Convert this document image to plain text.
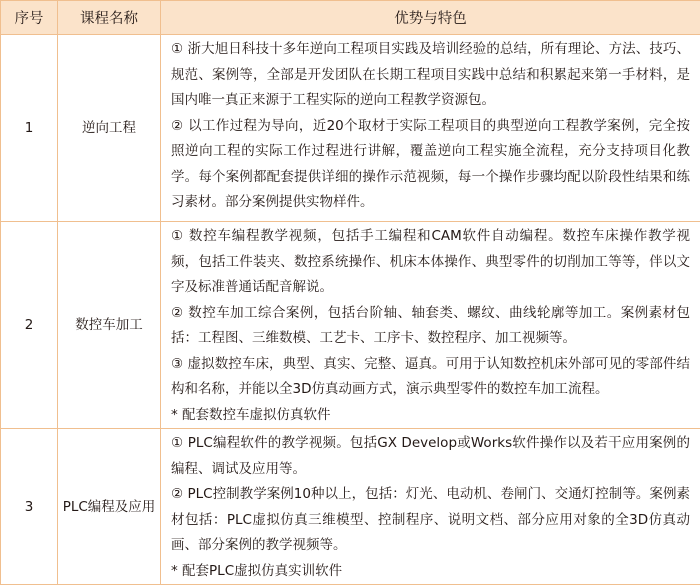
序号	课程名称	优势与特色
1	逆向工程	① 浙大旭日科技十多年逆向工程项目实践及培训经验的总结，所有理论、方法、技巧、规范、案例等，全部是开发团队在长期工程项目实践中总结和积累起来第一手材料，是国内唯一真正来源于工程实际的逆向工程教学资源包。

② 以工作过程为导向，近20个取材于实际工程项目的典型逆向工程教学案例，完全按照逆向工程的实际工作过程进行讲解，覆盖逆向工程实施全流程，充分支持项目化教学。每个案例都配套提供详细的操作示范视频，每一个操作步骤均配以阶段性结果和练习素材。部分案例提供实物样件。

2	数控车加工	① 数控车编程教学视频，包括手工编程和CAM软件自动编程。数控车床操作教学视频，包括工件装夹、数控系统操作、机床本体操作、典型零件的切削加工等等，伴以文字及标准普通话配音解说。

② 数控车加工综合案例，包括台阶轴、轴套类、螺纹、曲线轮廓等加工。案例素材包括：工程图、三维数模、工艺卡、工序卡、数控程序、加工视频等。

③ 虚拟数控车床，典型、真实、完整、逼真。可用于认知数控机床外部可见的零部件结构和名称，并能以全3D仿真动画方式，演示典型零件的数控车加工流程。

* 配套数控车虚拟仿真软件

3	PLC编程及应用	① PLC编程软件的教学视频。包括GX Develop或Works软件操作以及若干应用案例的编程、调试及应用等。

② PLC控制教学案例10种以上，包括：灯光、电动机、卷闸门、交通灯控制等。案例素材包括：PLC虚拟仿真三维模型、控制程序、说明文档、部分应用对象的全3D仿真动画、部分案例的教学视频等。

* 配套PLC虚拟仿真实训软件
